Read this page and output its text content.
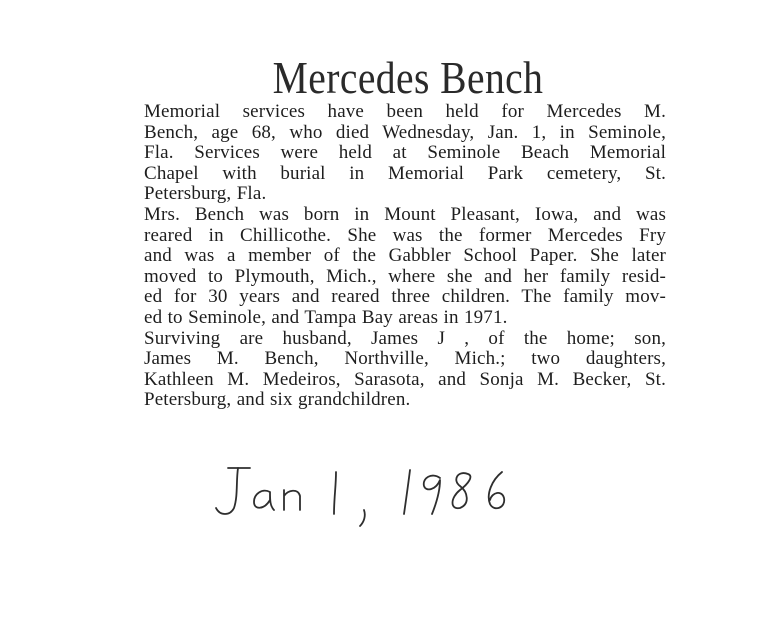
Mercedes Bench

Memorial services have been held for Mercedes M.
Bench, age 68, who died Wednesday, Jan. 1, in Seminole,
Fla. Services were held at Seminole Beach Memorial
Chapel with burial in Memorial Park cemetery, St.
Petersburg, Fla.

Mrs. Bench was born in Mount Pleasant, Iowa, and was
reared in Chillicothe. She was the former Mercedes Fry
and was a member of the Gabbler School Paper. She later
moved to Plymouth, Mich., where she and her family resid-
ed for 30 years and reared three children. The family mov-
ed to Seminole, and Tampa Bay areas in 1971.

Surviving are husband, James J , of the home; son,
James M. Bench, Northville, Mich.; two daughters,
Kathleen M. Medeiros, Sarasota, and Sonja M. Becker, St.
Petersburg, and six grandchildren.
